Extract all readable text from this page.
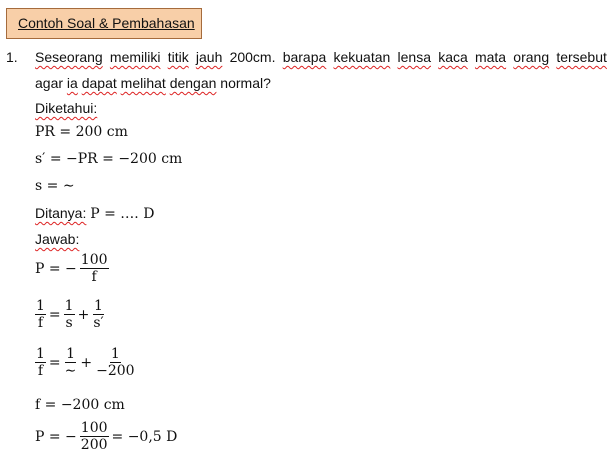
Contoh Soal & Pembahasan
1. Seseorang memiliki titik jauh 200cm. barapa kekuatan lensa kaca mata orang tersebut
agar ia dapat melihat dengan normal?
Diketahui:
PR = 200 cm
s′ = −PR = −200 cm
s = ∼
Ditanya: P = …. D
Jawab:
P = − $\frac{100}{f}$
$\frac{1}{f} = \frac{1}{s} + \frac{1}{s'}$
$\frac{1}{f} = \frac{1}{\sim} + \frac{1}{-200}$
f = −200 cm
P = − $\frac{100}{200} = -0,5$ D
